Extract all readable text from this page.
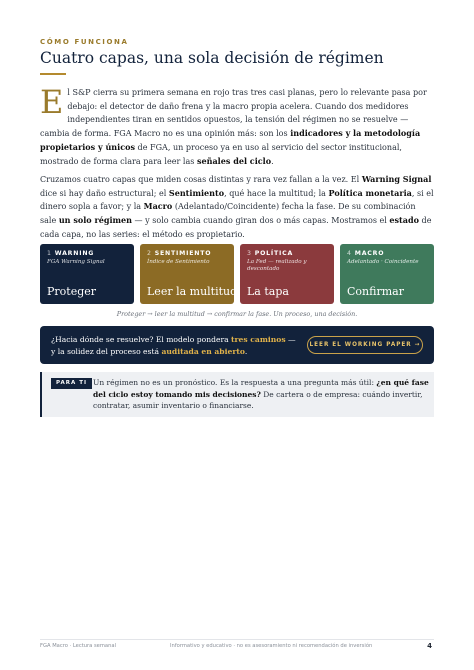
CÓMO FUNCIONA
Cuatro capas, una sola decisión de régimen

El S&P cierra su primera semana en rojo tras tres casi planas, pero lo relevante pasa por debajo: el detector de daño frena y la macro propia acelera. Cuando dos medidores independientes tiran en sentidos opuestos, la tensión del régimen no se resuelve — cambia de forma. FGA Macro no es una opinión más: son los indicadores y la metodología propietarios y únicos de FGA, un proceso ya en uso al servicio del sector institucional, mostrado de forma clara para leer las señales del ciclo.

Cruzamos cuatro capas que miden cosas distintas y rara vez fallan a la vez. El Warning Signal dice si hay daño estructural; el Sentimiento, qué hace la multitud; la Política monetaria, si el dinero sopla a favor; y la Macro (Adelantado/Coincidente) fecha la fase. De su combinación sale un solo régimen — y solo cambia cuando giran dos o más capas. Mostramos el estado de cada capa, no las series: el método es propietario.

1 WARNING
FGA Warning Signal
Proteger
2 SENTIMIENTO
Índice de Sentimiento
Leer la multitud
3 POLÍTICA
La Fed — realizado y descontado
La tapa
4 MACRO
Adelantado · Coincidente
Confirmar

Proteger → leer la multitud → confirmar la fase. Un proceso, una decisión.

¿Hacia dónde se resuelve? El modelo pondera tres caminos — y la solidez del proceso está auditada en abierto.
LEER EL WORKING PAPER →
PARA TI Un régimen no es un pronóstico. Es la respuesta a una pregunta más útil: ¿en qué fase del ciclo estoy tomando mis decisiones? De cartera o de empresa: cuándo invertir, contratar, asumir inventario o financiarse.
FGA Macro · Lectura semanal	Informativo y educativo · no es asesoramiento ni recomendación de inversión	4
